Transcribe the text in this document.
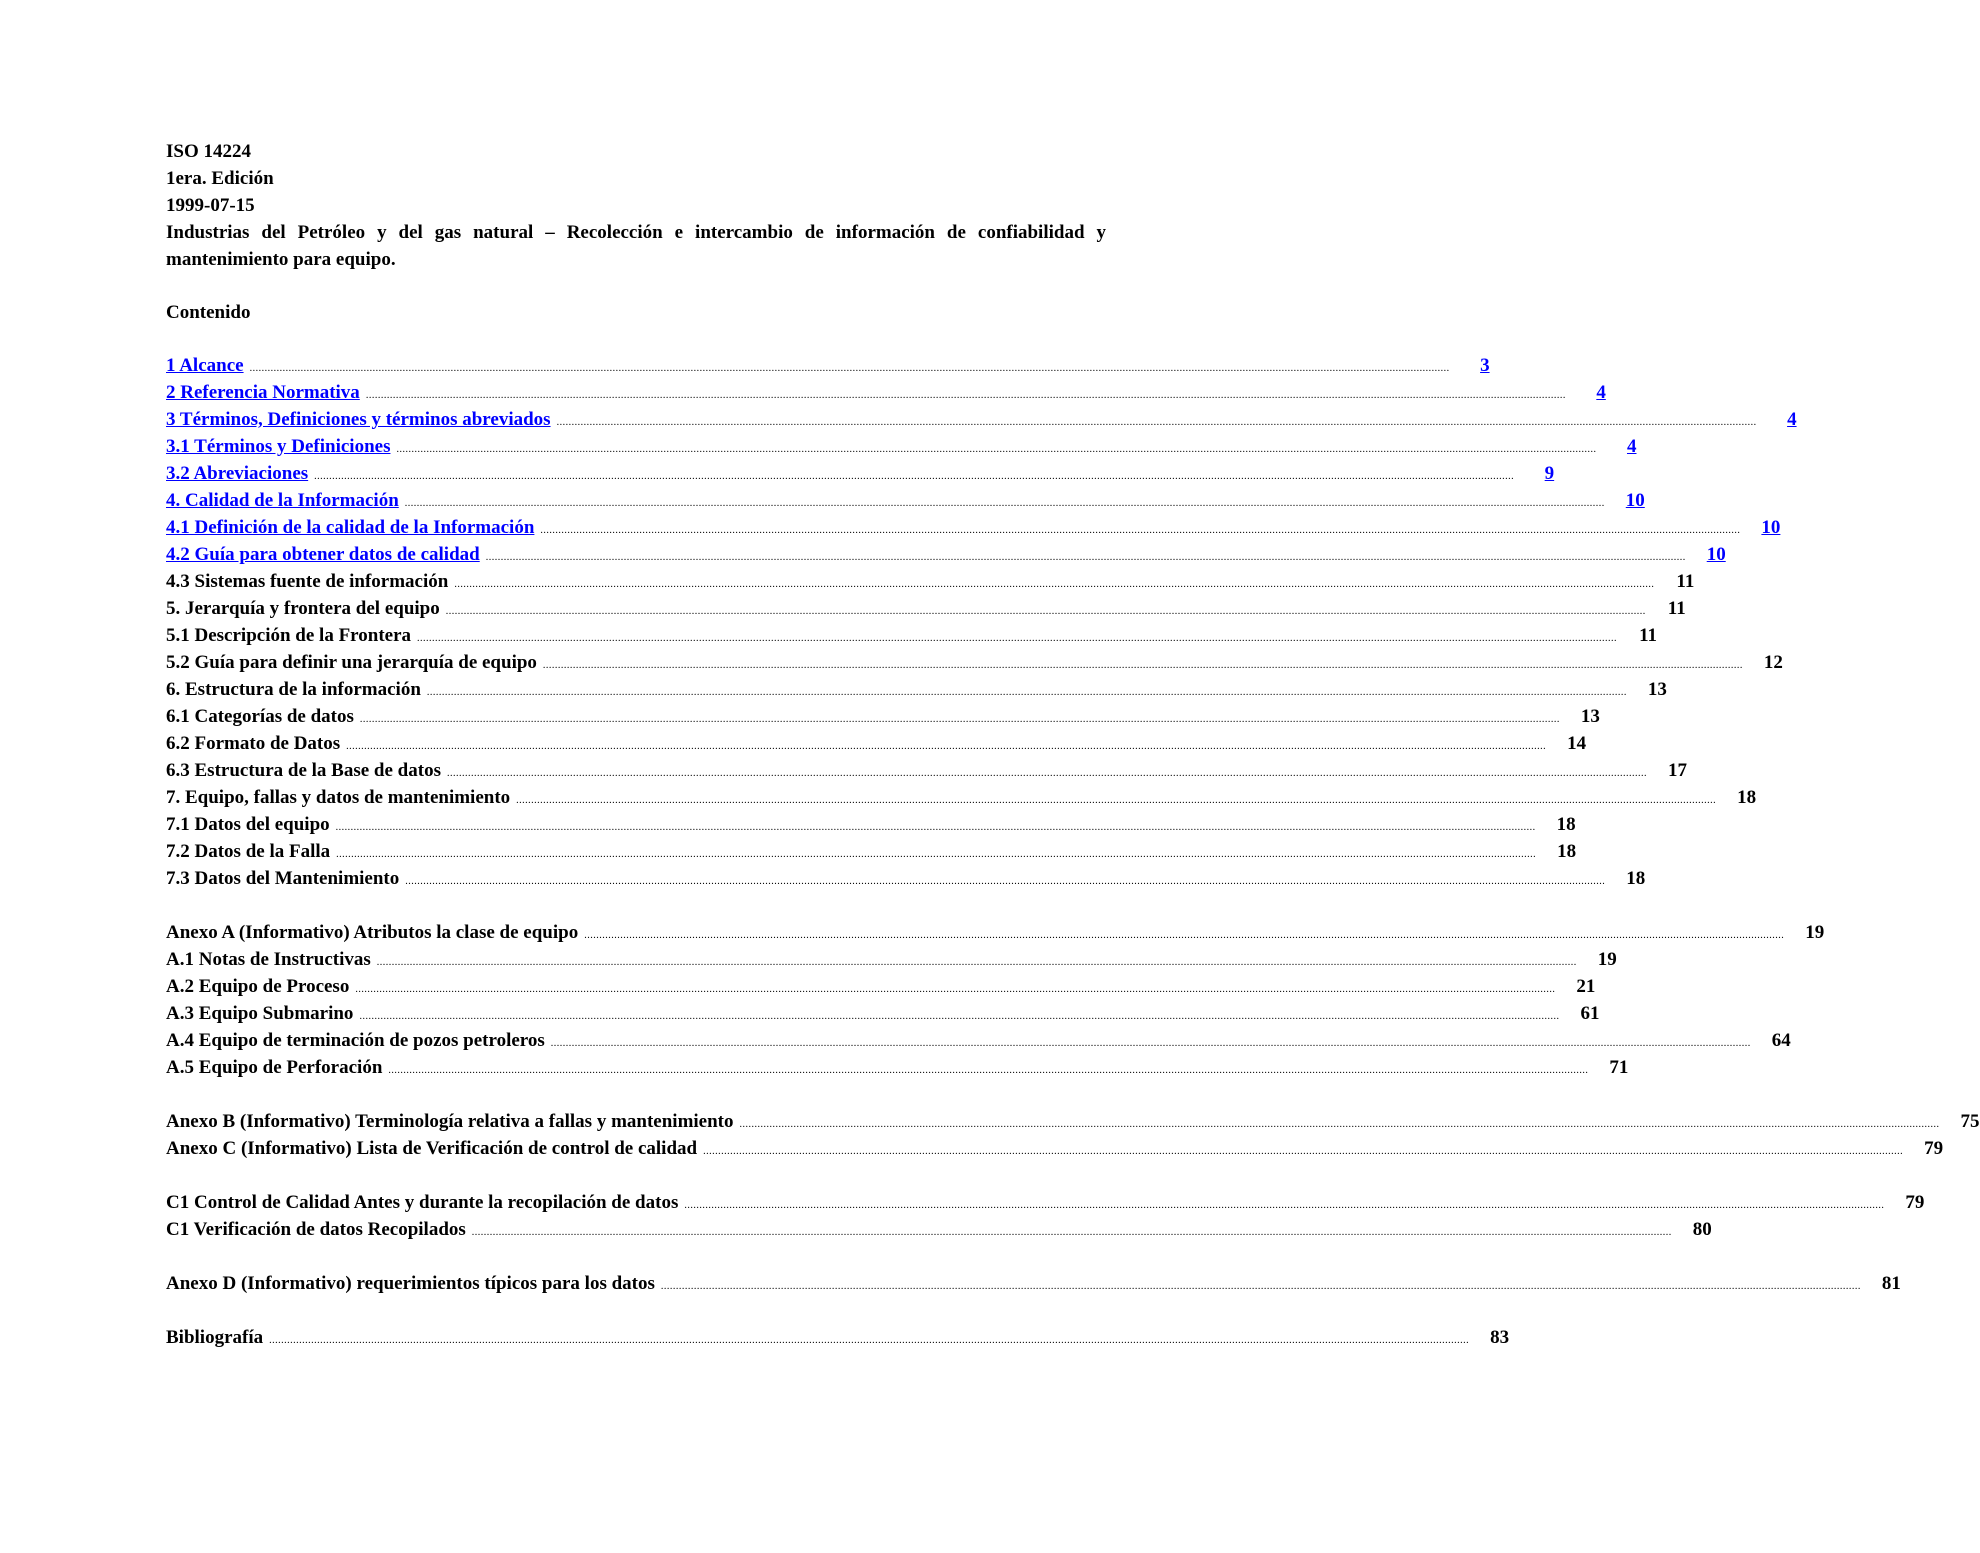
ISO 14224

1era. Edición

1999-07-15

Industrias del Petróleo y del gas natural – Recolección e intercambio de información de confiabilidad y mantenimiento para equipo.

Contenido
1 Alcance ................................................................................................................................................................................................................................................................................................................................................................................................................	3
2 Referencia Normativa ................................................................................................................................................................................................................................................................................................................................................................................................................	4
3 Términos, Definiciones y términos abreviados ................................................................................................................................................................................................................................................................................................................................................................................................................	4
3.1 Términos y Definiciones ................................................................................................................................................................................................................................................................................................................................................................................................................	4
3.2 Abreviaciones ................................................................................................................................................................................................................................................................................................................................................................................................................	9
4. Calidad de la Información ................................................................................................................................................................................................................................................................................................................................................................................................................	10
4.1 Definición de la calidad de la Información ................................................................................................................................................................................................................................................................................................................................................................................................................	10
4.2 Guía para obtener datos de calidad ................................................................................................................................................................................................................................................................................................................................................................................................................	10
4.3 Sistemas fuente de información ................................................................................................................................................................................................................................................................................................................................................................................................................	11
5. Jerarquía y frontera del equipo ................................................................................................................................................................................................................................................................................................................................................................................................................	11
5.1 Descripción de la Frontera ................................................................................................................................................................................................................................................................................................................................................................................................................	11
5.2 Guía para definir una jerarquía de equipo ................................................................................................................................................................................................................................................................................................................................................................................................................	12
6. Estructura de la información ................................................................................................................................................................................................................................................................................................................................................................................................................	13
6.1 Categorías de datos ................................................................................................................................................................................................................................................................................................................................................................................................................	13
6.2 Formato de Datos ................................................................................................................................................................................................................................................................................................................................................................................................................	14
6.3 Estructura de la Base de datos ................................................................................................................................................................................................................................................................................................................................................................................................................	17
7. Equipo, fallas y datos de mantenimiento ................................................................................................................................................................................................................................................................................................................................................................................................................	18
7.1 Datos del equipo ................................................................................................................................................................................................................................................................................................................................................................................................................	18
7.2 Datos de la Falla ................................................................................................................................................................................................................................................................................................................................................................................................................	18
7.3 Datos del Mantenimiento ................................................................................................................................................................................................................................................................................................................................................................................................................	18
Anexo A (Informativo) Atributos la clase de equipo ................................................................................................................................................................................................................................................................................................................................................................................................................	19
A.1 Notas de Instructivas ................................................................................................................................................................................................................................................................................................................................................................................................................	19
A.2 Equipo de Proceso ................................................................................................................................................................................................................................................................................................................................................................................................................	21
A.3 Equipo Submarino ................................................................................................................................................................................................................................................................................................................................................................................................................	61
A.4 Equipo de terminación de pozos petroleros ................................................................................................................................................................................................................................................................................................................................................................................................................	64
A.5 Equipo de Perforación ................................................................................................................................................................................................................................................................................................................................................................................................................	71
Anexo B (Informativo) Terminología relativa a fallas y mantenimiento ................................................................................................................................................................................................................................................................................................................................................................................................................	75
Anexo C (Informativo) Lista de Verificación de control de calidad ................................................................................................................................................................................................................................................................................................................................................................................................................	79
C1 Control de Calidad Antes y durante la recopilación de datos ................................................................................................................................................................................................................................................................................................................................................................................................................	79
C1 Verificación de datos Recopilados ................................................................................................................................................................................................................................................................................................................................................................................................................	80
Anexo D (Informativo) requerimientos típicos para los datos ................................................................................................................................................................................................................................................................................................................................................................................................................	81
Bibliografía ................................................................................................................................................................................................................................................................................................................................................................................................................	83
